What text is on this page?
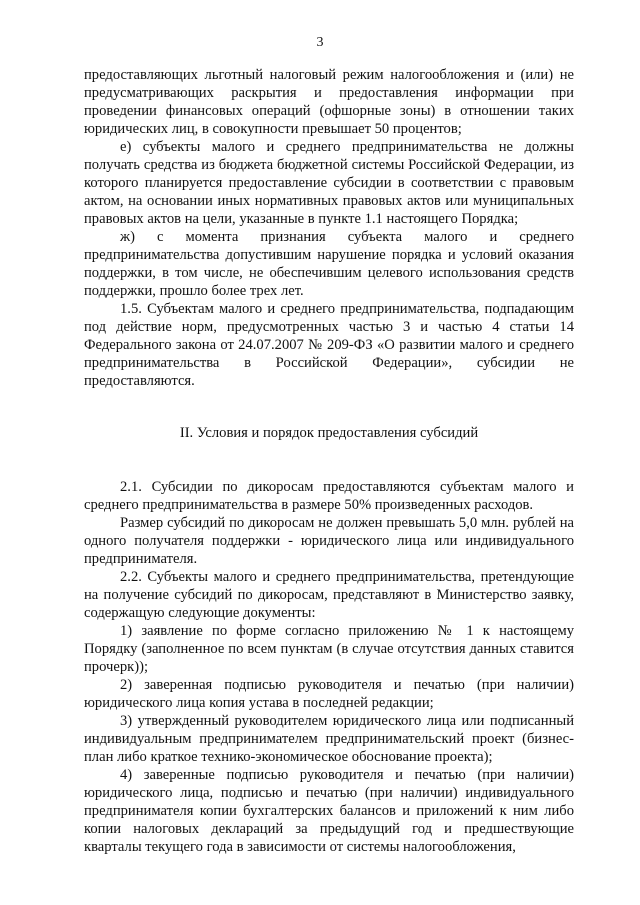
3

предоставляющих льготный налоговый режим налогообложения и (или) не предусматривающих раскрытия и предоставления информации при проведении финансовых операций (офшорные зоны) в отношении таких юридических лиц, в совокупности превышает 50 процентов;

е) субъекты малого и среднего предпринимательства не должны получать средства из бюджета бюджетной системы Российской Федерации, из которого планируется предоставление субсидии в соответствии с правовым актом, на основании иных нормативных правовых актов или муниципальных правовых актов на цели, указанные в пункте 1.1 настоящего Порядка;

ж) с момента признания субъекта малого и среднего предпринимательства допустившим нарушение порядка и условий оказания поддержки, в том числе, не обеспечившим целевого использования средств поддержки, прошло более трех лет.

1.5. Субъектам малого и среднего предпринимательства, подпадающим под действие норм, предусмотренных частью 3 и частью 4 статьи 14 Федерального закона от 24.07.2007 № 209-ФЗ «О развитии малого и среднего предпринимательства в Российской Федерации», субсидии не предоставляются.

II. Условия и порядок предоставления субсидий

2.1. Субсидии по дикоросам предоставляются субъектам малого и среднего предпринимательства в размере 50% произведенных расходов.

Размер субсидий по дикоросам не должен превышать 5,0 млн. рублей на одного получателя поддержки - юридического лица или индивидуального предпринимателя.

2.2. Субъекты малого и среднего предпринимательства, претендующие на получение субсидий по дикоросам, представляют в Министерство заявку, содержащую следующие документы:

1) заявление по форме согласно приложению № 1 к настоящему Порядку (заполненное по всем пунктам (в случае отсутствия данных ставится прочерк));

2) заверенная подписью руководителя и печатью (при наличии) юридического лица копия устава в последней редакции;

3) утвержденный руководителем юридического лица или подписанный индивидуальным предпринимателем предпринимательский проект (бизнес-план либо краткое технико-экономическое обоснование проекта);

4) заверенные подписью руководителя и печатью (при наличии) юридического лица, подписью и печатью (при наличии) индивидуального предпринимателя копии бухгалтерских балансов и приложений к ним либо копии налоговых деклараций за предыдущий год и предшествующие кварталы текущего года в зависимости от системы налогообложения,
